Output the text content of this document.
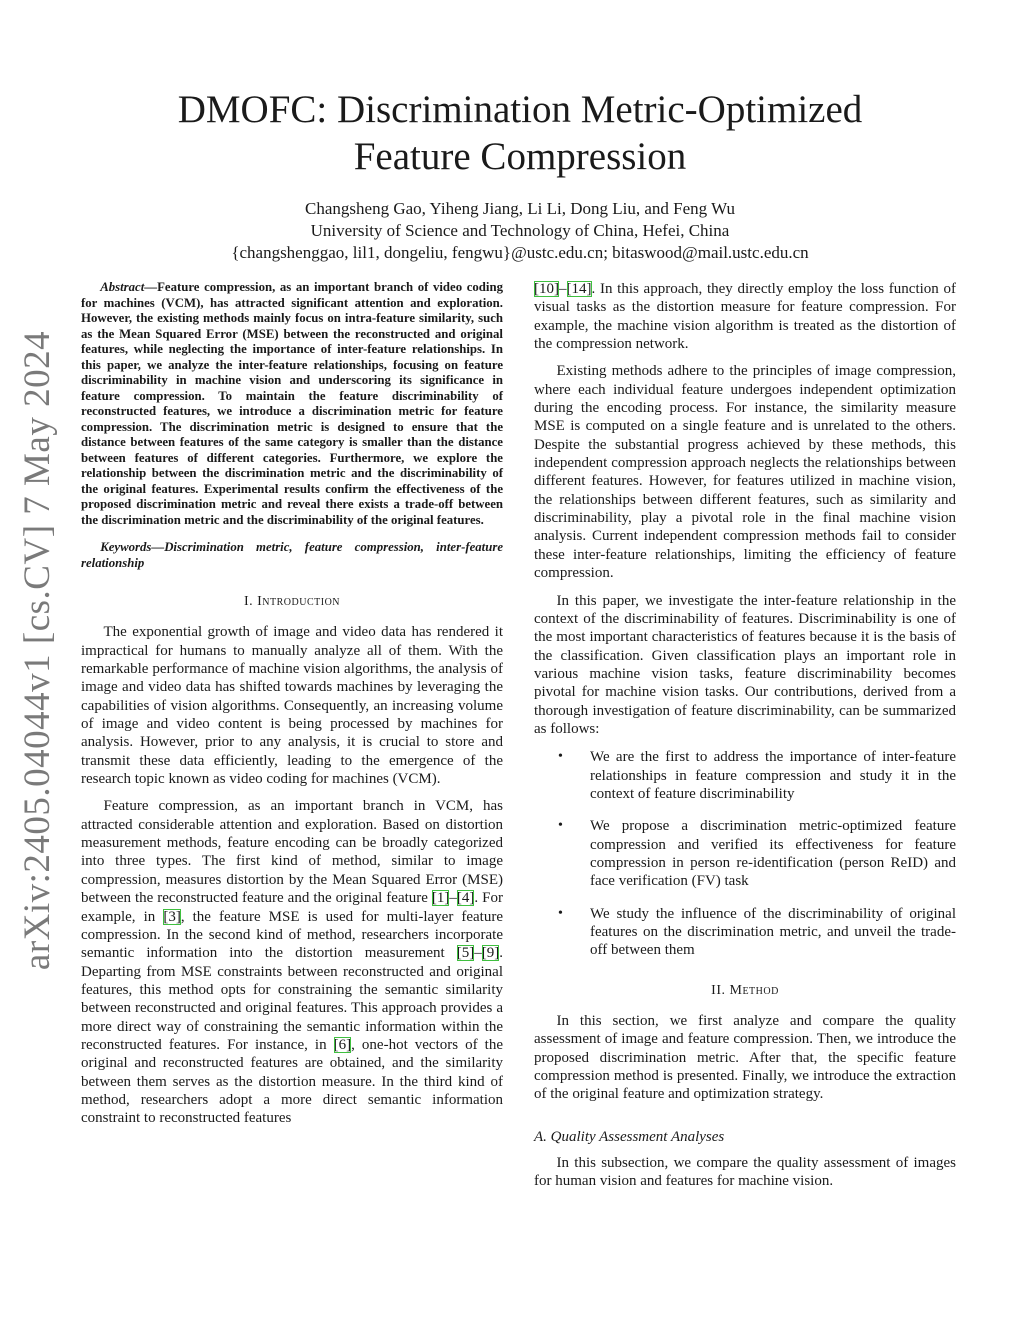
arXiv:2405.04044v1 [cs.CV] 7 May 2024
DMOFC: Discrimination Metric-Optimized
Feature Compression
Changsheng Gao, Yiheng Jiang, Li Li, Dong Liu, and Feng Wu
University of Science and Technology of China, Hefei, China
{changshenggao, lil1, dongeliu, fengwu}@ustc.edu.cn; bitaswood@mail.ustc.edu.cn
Abstract—Feature compression, as an important branch of video coding for machines (VCM), has attracted significant attention and exploration. However, the existing methods mainly focus on intra-feature similarity, such as the Mean Squared Error (MSE) between the reconstructed and original features, while neglecting the importance of inter-feature relationships. In this paper, we analyze the inter-feature relationships, focusing on feature discriminability in machine vision and underscoring its significance in feature compression. To maintain the feature discriminability of reconstructed features, we introduce a discrimination metric for feature compression. The discrimination metric is designed to ensure that the distance between features of the same category is smaller than the distance between features of different categories. Furthermore, we explore the relationship between the discrimination metric and the discriminability of the original features. Experimental results confirm the effectiveness of the proposed discrimination metric and reveal there exists a trade-off between the discrimination metric and the discriminability of the original features.
Keywords—Discrimination metric, feature compression, inter-feature relationship
I. Introduction

The exponential growth of image and video data has rendered it impractical for humans to manually analyze all of them. With the remarkable performance of machine vision algorithms, the analysis of image and video data has shifted towards machines by leveraging the capabilities of vision algorithms. Consequently, an increasing volume of image and video content is being processed by machines for analysis. However, prior to any analysis, it is crucial to store and transmit these data efficiently, leading to the emergence of the research topic known as video coding for machines (VCM).

Feature compression, as an important branch in VCM, has attracted considerable attention and exploration. Based on distortion measurement methods, feature encoding can be broadly categorized into three types. The first kind of method, similar to image compression, measures distortion by the Mean Squared Error (MSE) between the reconstructed feature and the original feature [1]–[4]. For example, in [3], the feature MSE is used for multi-layer feature compression. In the second kind of method, researchers incorporate semantic information into the distortion measurement [5]–[9]. Departing from MSE constraints between reconstructed and original features, this method opts for constraining the semantic similarity between reconstructed and original features. This approach provides a more direct way of constraining the semantic information within the reconstructed features. For instance, in [6], one-hot vectors of the original and reconstructed features are obtained, and the similarity between them serves as the distortion measure. In the third kind of method, researchers adopt a more direct semantic information constraint to reconstructed features

[10]–[14]. In this approach, they directly employ the loss function of visual tasks as the distortion measure for feature compression. For example, the machine vision algorithm is treated as the distortion of the compression network.

Existing methods adhere to the principles of image compression, where each individual feature undergoes independent optimization during the encoding process. For instance, the similarity measure MSE is computed on a single feature and is unrelated to the others. Despite the substantial progress achieved by these methods, this independent compression approach neglects the relationships between different features. However, for features utilized in machine vision, the relationships between different features, such as similarity and discriminability, play a pivotal role in the final machine vision analysis. Current independent compression methods fail to consider these inter-feature relationships, limiting the efficiency of feature compression.

In this paper, we investigate the inter-feature relationship in the context of the discriminability of features. Discriminability is one of the most important characteristics of features because it is the basis of the classification. Given classification plays an important role in various machine vision tasks, feature discriminability becomes pivotal for machine vision tasks. Our contributions, derived from a thorough investigation of feature discriminability, can be summarized as follows:

• We are the first to address the importance of inter-feature relationships in feature compression and study it in the context of feature discriminability
• We propose a discrimination metric-optimized feature compression and verified its effectiveness for feature compression in person re-identification (person ReID) and face verification (FV) task
• We study the influence of the discriminability of original features on the discrimination metric, and unveil the trade-off between them
II. Method

In this section, we first analyze and compare the quality assessment of image and feature compression. Then, we introduce the proposed discrimination metric. After that, the specific feature compression method is presented. Finally, we introduce the extraction of the original feature and optimization strategy.

A. Quality Assessment Analyses

In this subsection, we compare the quality assessment of images for human vision and features for machine vision.
